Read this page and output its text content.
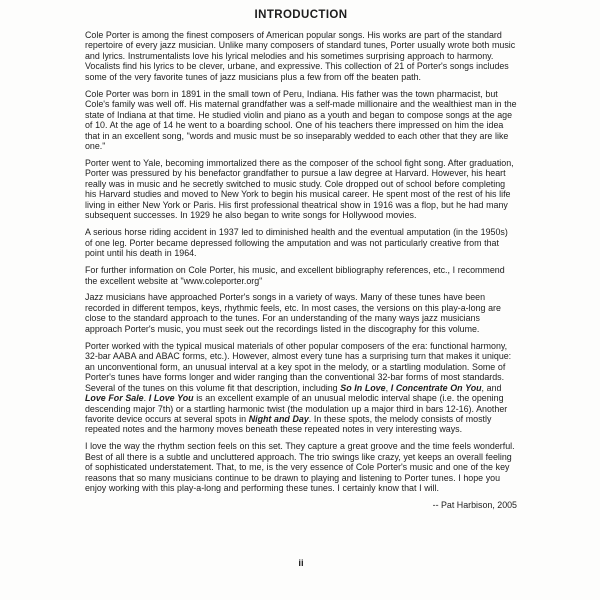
INTRODUCTION

Cole Porter is among the finest composers of American popular songs. His works are part of the standard repertoire of every jazz musician. Unlike many composers of standard tunes, Porter usually wrote both music and lyrics. Instrumentalists love his lyrical melodies and his sometimes surprising approach to harmony. Vocalists find his lyrics to be clever, urbane, and expressive. This collection of 21 of Porter's songs includes some of the very favorite tunes of jazz musicians plus a few from off the beaten path.

Cole Porter was born in 1891 in the small town of Peru, Indiana. His father was the town pharmacist, but Cole's family was well off. His maternal grandfather was a self-made millionaire and the wealthiest man in the state of Indiana at that time. He studied violin and piano as a youth and began to compose songs at the age of 10. At the age of 14 he went to a boarding school. One of his teachers there impressed on him the idea that in an excellent song, "words and music must be so inseparably wedded to each other that they are like one."

Porter went to Yale, becoming immortalized there as the composer of the school fight song. After graduation, Porter was pressured by his benefactor grandfather to pursue a law degree at Harvard. However, his heart really was in music and he secretly switched to music study. Cole dropped out of school before completing his Harvard studies and moved to New York to begin his musical career. He spent most of the rest of his life living in either New York or Paris. His first professional theatrical show in 1916 was a flop, but he had many subsequent successes. In 1929 he also began to write songs for Hollywood movies.

A serious horse riding accident in 1937 led to diminished health and the eventual amputation (in the 1950s) of one leg. Porter became depressed following the amputation and was not particularly creative from that point until his death in 1964.

For further information on Cole Porter, his music, and excellent bibliography references, etc., I recommend the excellent website at "www.coleporter.org"

Jazz musicians have approached Porter's songs in a variety of ways. Many of these tunes have been recorded in different tempos, keys, rhythmic feels, etc. In most cases, the versions on this play-a-long are close to the standard approach to the tunes. For an understanding of the many ways jazz musicians approach Porter's music, you must seek out the recordings listed in the discography for this volume.

Porter worked with the typical musical materials of other popular composers of the era: functional harmony, 32-bar AABA and ABAC forms, etc.). However, almost every tune has a surprising turn that makes it unique: an unconventional form, an unusual interval at a key spot in the melody, or a startling modulation. Some of Porter's tunes have forms longer and wider ranging than the conventional 32-bar forms of most standards. Several of the tunes on this volume fit that description, including So In Love, I Concentrate On You, and Love For Sale. I Love You is an excellent example of an unusual melodic interval shape (i.e. the opening descending major 7th) or a startling harmonic twist (the modulation up a major third in bars 12-16). Another favorite device occurs at several spots in Night and Day. In these spots, the melody consists of mostly repeated notes and the harmony moves beneath these repeated notes in very interesting ways.

I love the way the rhythm section feels on this set. They capture a great groove and the time feels wonderful. Best of all there is a subtle and uncluttered approach. The trio swings like crazy, yet keeps an overall feeling of sophisticated understatement. That, to me, is the very essence of Cole Porter's music and one of the key reasons that so many musicians continue to be drawn to playing and listening to Porter tunes. I hope you enjoy working with this play-a-long and performing these tunes. I certainly know that I will.

-- Pat Harbison, 2005
ii
